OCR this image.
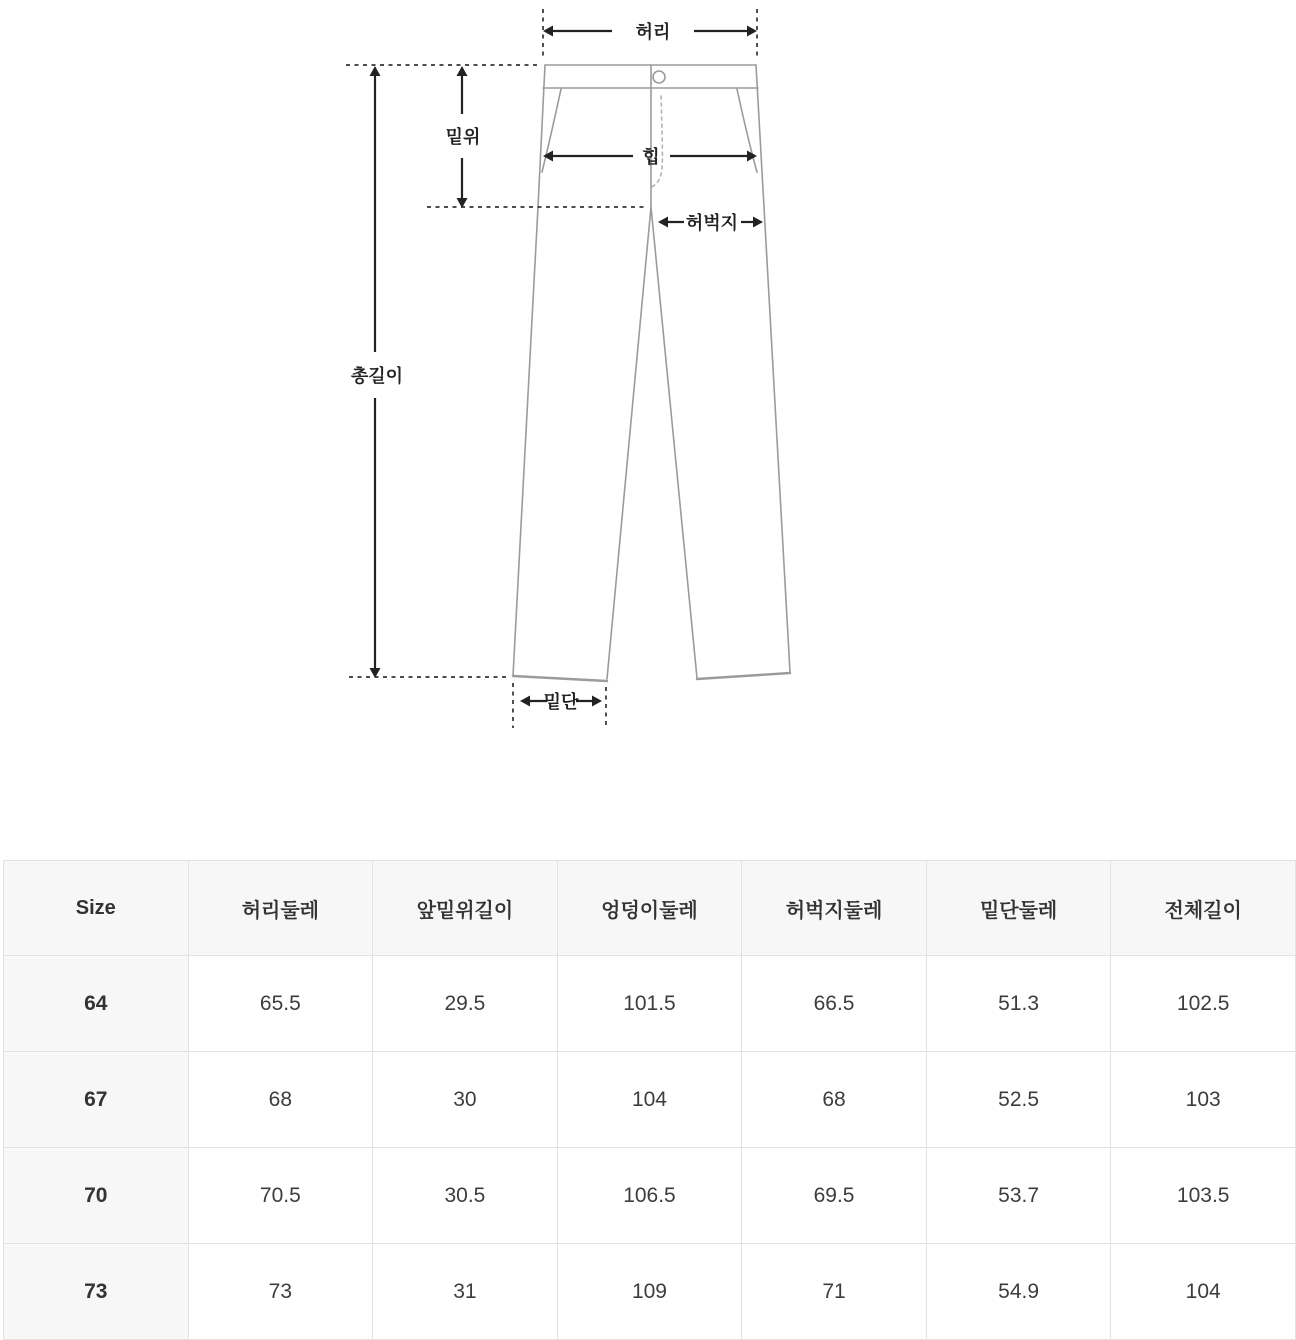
허리
밑위
총길이
힙
허벅지
밑단
Size	허리둘레	앞밑위길이	엉덩이둘레	허벅지둘레	밑단둘레	전체길이
64	65.5	29.5	101.5	66.5	51.3	102.5
67	68	30	104	68	52.5	103
70	70.5	30.5	106.5	69.5	53.7	103.5
73	73	31	109	71	54.9	104
